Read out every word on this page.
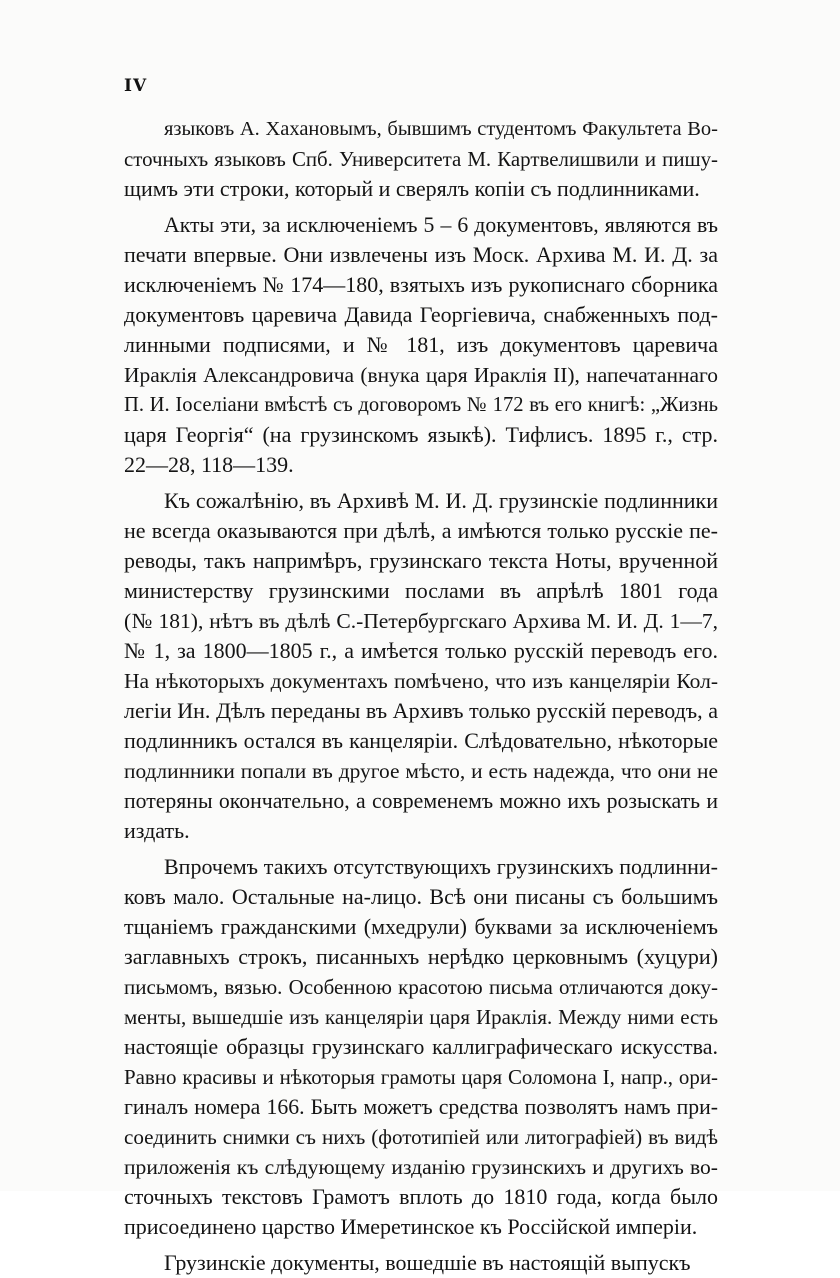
IV
языковъ А. Хахановымъ, бывшимъ студентомъ Факультета Во-
сточныхъ языковъ Спб. Университета М. Картвелишвили и пишу-
щимъ эти строки, который и сверялъ копіи съ подлинниками.
Акты эти, за исключеніемъ 5 – 6 документовъ, являются въ
печати впервые. Они извлечены изъ Моск. Архива М. И. Д. за
исключеніемъ № 174—180, взятыхъ изъ рукописнаго сборника
документовъ царевича Давида Георгіевича, снабженныхъ под-
линными подписями, и № 181, изъ документовъ царевича
Ираклія Александровича (внука царя Ираклія II), напечатаннаго
П. И. Іоселіани вмѣстѣ съ договоромъ № 172 въ его книгѣ: „Жизнь
царя Георгія“ (на грузинскомъ языкѣ). Тифлисъ. 1895 г., стр.
22—28, 118—139.
Къ сожалѣнію, въ Архивѣ М. И. Д. грузинскіе подлинники
не всегда оказываются при дѣлѣ, а имѣются только русскіе пе-
реводы, такъ напримѣръ, грузинскаго текста Ноты, врученной
министерству грузинскими послами въ апрѣлѣ 1801 года
(№ 181), нѣтъ въ дѣлѣ С.-Петербургскаго Архива М. И. Д. 1—7,
№ 1, за 1800—1805 г., а имѣется только русскій переводъ его.
На нѣкоторыхъ документахъ помѣчено, что изъ канцеляріи Кол-
легіи Ин. Дѣлъ переданы въ Архивъ только русскій переводъ, а
подлинникъ остался въ канцеляріи. Слѣдовательно, нѣкоторые
подлинники попали въ другое мѣсто, и есть надежда, что они не
потеряны окончательно, а современемъ можно ихъ розыскать и
издать.
Впрочемъ такихъ отсутствующихъ грузинскихъ подлинни-
ковъ мало. Остальные на-лицо. Всѣ они писаны съ большимъ
тщаніемъ гражданскими (мхедрули) буквами за исключеніемъ
заглавныхъ строкъ, писанныхъ нерѣдко церковнымъ (хуцури)
письмомъ, вязью. Особенною красотою письма отличаются доку-
менты, вышедшіе изъ канцеляріи царя Ираклія. Между ними есть
настоящіе образцы грузинскаго каллиграфическаго искусства.
Равно красивы и нѣкоторыя грамоты царя Соломона I, напр., ори-
гиналъ номера 166. Быть можетъ средства позволятъ намъ при-
соединить снимки съ нихъ (фототипіей или литографіей) въ видѣ
приложенія къ слѣдующему изданію грузинскихъ и другихъ во-
сточныхъ текстовъ Грамотъ вплоть до 1810 года, когда было
присоединено царство Имеретинское къ Россійской имперіи.
Грузинскіе документы, вошедшіе въ настоящій выпускъ
